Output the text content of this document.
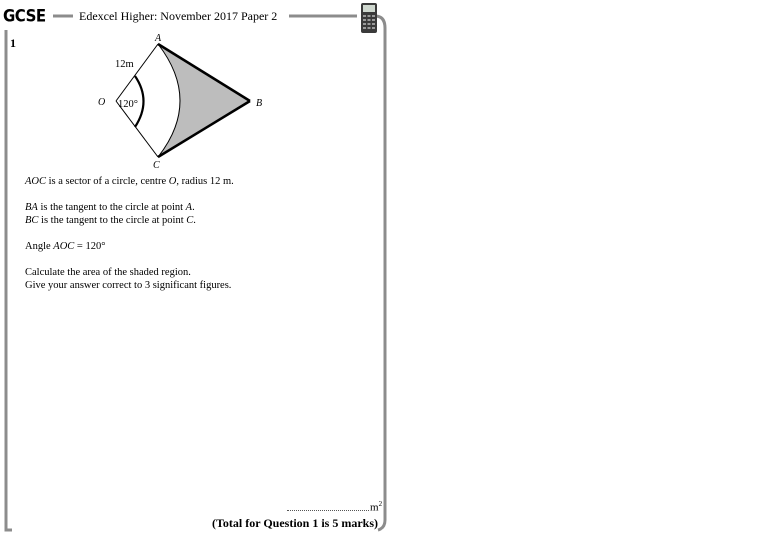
GCSE	Edexcel Higher: November 2017 Paper 2
1	A
B
C
O
12m
120°
AOC is a sector of a circle, centre O, radius 12 m.
BA is the tangent to the circle at point A.
BC is the tangent to the circle at point C.
Angle AOC = 120°
Calculate the area of the shaded region.
Give your answer correct to 3 significant figures.
$m^2$
(Total for Question 1 is 5 marks)
